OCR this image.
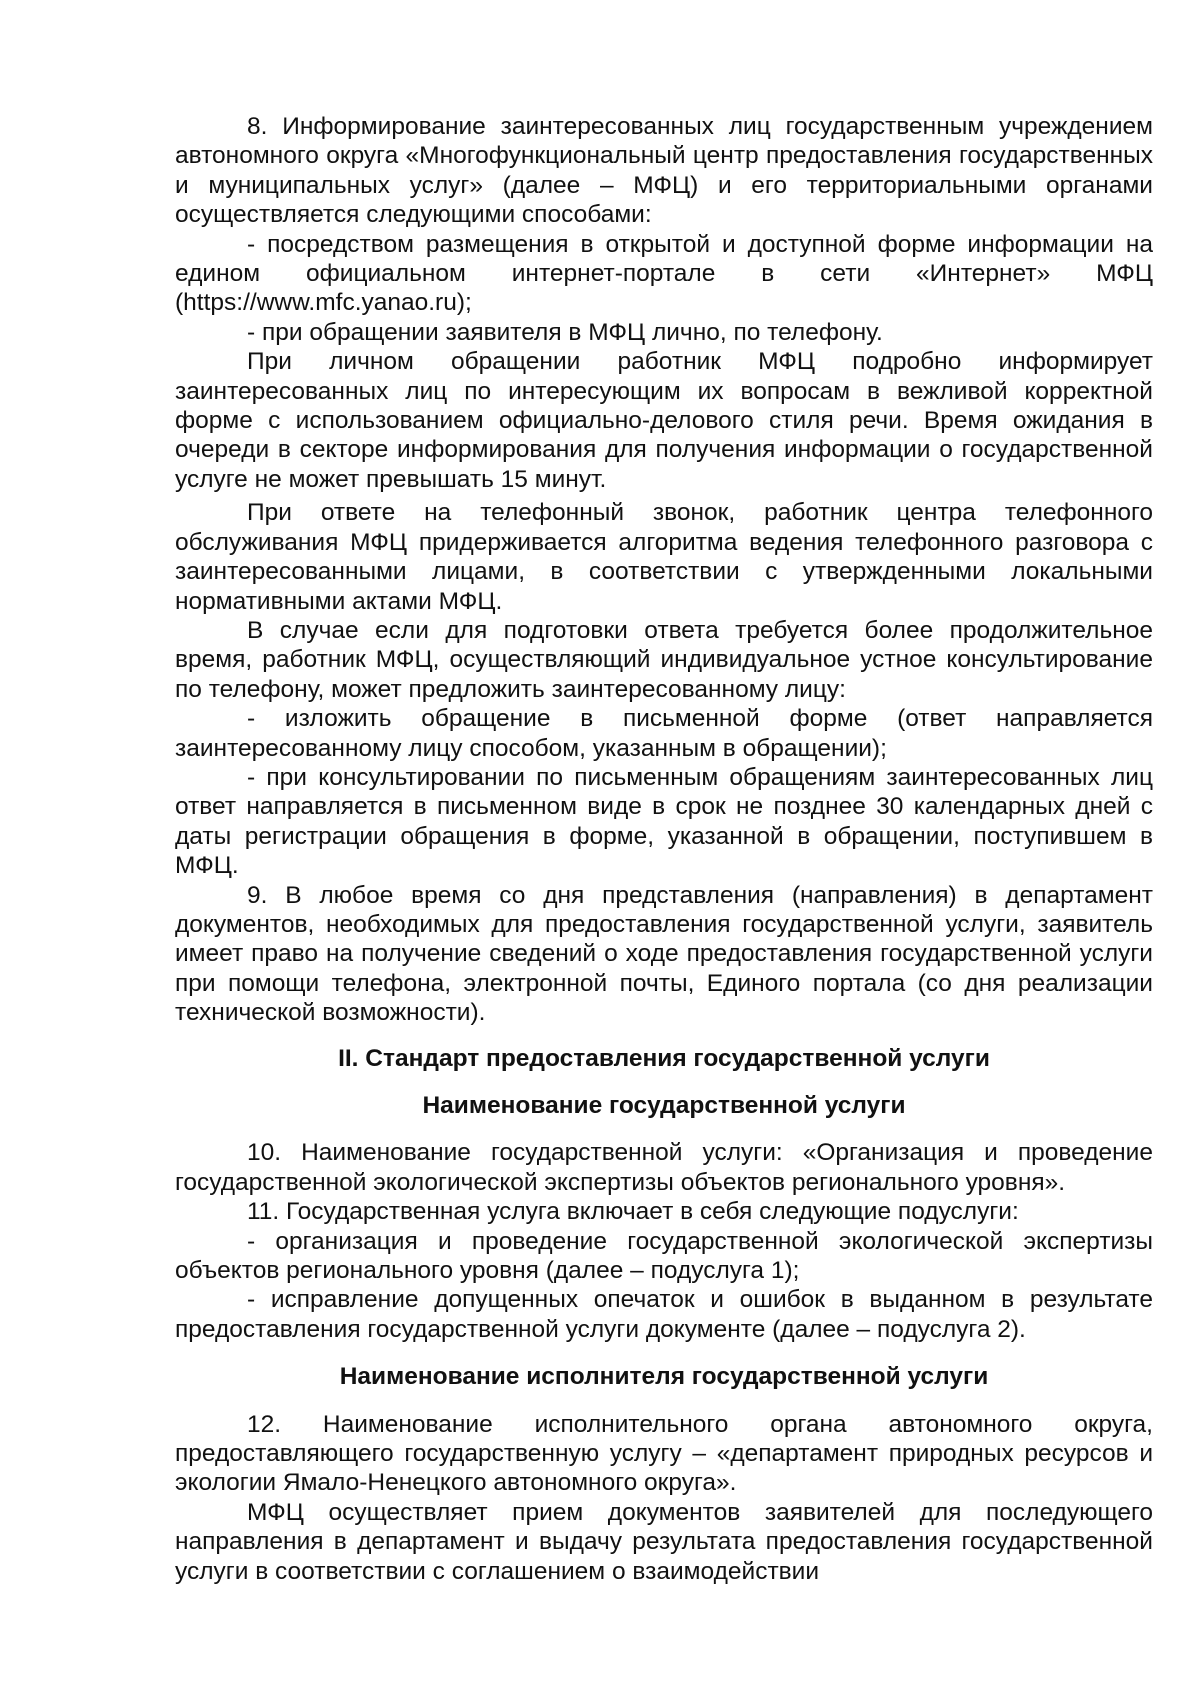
8. Информирование заинтересованных лиц государственным учреждением автономного округа «Многофункциональный центр предоставления государственных и муниципальных услуг» (далее – МФЦ) и его территориальными органами осуществляется следующими способами:

- посредством размещения в открытой и доступной форме информации на едином официальном интернет-портале в сети «Интернет» МФЦ (https://www.mfc.yanao.ru);

- при обращении заявителя в МФЦ лично, по телефону.

При личном обращении работник МФЦ подробно информирует заинтересованных лиц по интересующим их вопросам в вежливой корректной форме с использованием официально-делового стиля речи. Время ожидания в очереди в секторе информирования для получения информации о государственной услуге не может превышать 15 минут.

При ответе на телефонный звонок, работник центра телефонного обслуживания МФЦ придерживается алгоритма ведения телефонного разговора с заинтересованными лицами, в соответствии с утвержденными локальными нормативными актами МФЦ.

В случае если для подготовки ответа требуется более продолжительное время, работник МФЦ, осуществляющий индивидуальное устное консультирование по телефону, может предложить заинтересованному лицу:

- изложить обращение в письменной форме (ответ направляется заинтересованному лицу способом, указанным в обращении);

- при консультировании по письменным обращениям заинтересованных лиц ответ направляется в письменном виде в срок не позднее 30 календарных дней с даты регистрации обращения в форме, указанной в обращении, поступившем в МФЦ.

9. В любое время со дня представления (направления) в департамент документов, необходимых для предоставления государственной услуги, заявитель имеет право на получение сведений о ходе предоставления государственной услуги при помощи телефона, электронной почты, Единого портала (со дня реализации технической возможности).

II. Стандарт предоставления государственной услуги

Наименование государственной услуги

10. Наименование государственной услуги: «Организация и проведение государственной экологической экспертизы объектов регионального уровня».

11. Государственная услуга включает в себя следующие подуслуги:

- организация и проведение государственной экологической экспертизы объектов регионального уровня (далее – подуслуга 1);

- исправление допущенных опечаток и ошибок в выданном в результате предоставления государственной услуги документе (далее – подуслуга 2).

Наименование исполнителя государственной услуги

12. Наименование исполнительного органа автономного округа, предоставляющего государственную услугу – «департамент природных ресурсов и экологии Ямало-Ненецкого автономного округа».

МФЦ осуществляет прием документов заявителей для последующего направления в департамент и выдачу результата предоставления государственной услуги в соответствии с соглашением о взаимодействии
